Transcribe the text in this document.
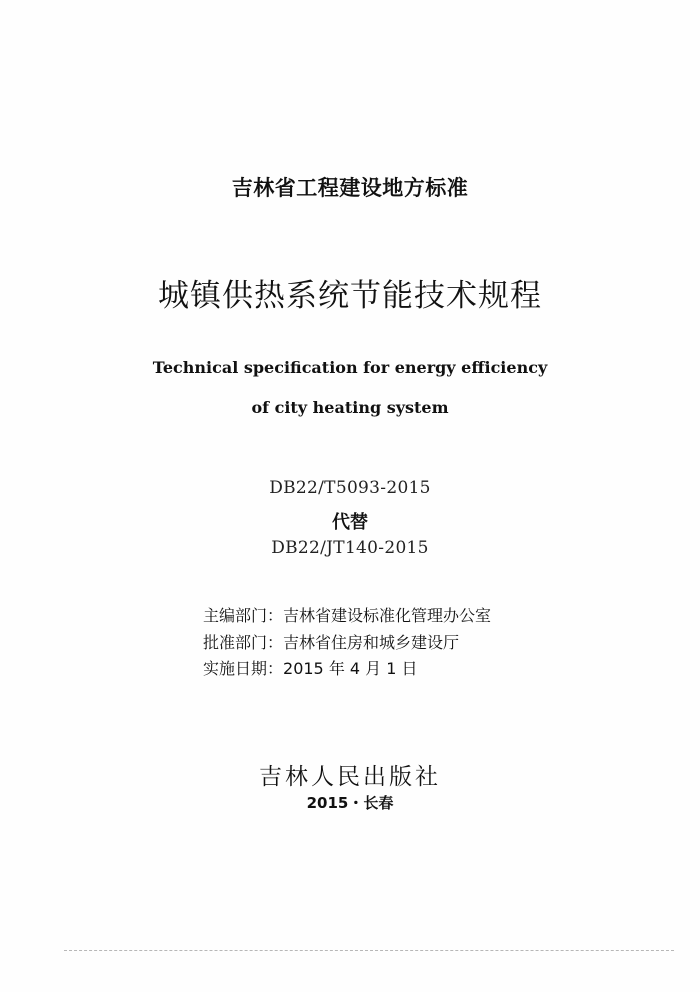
吉林省工程建设地方标准
城镇供热系统节能技术规程
Technical specification for energy efficiency
of city heating system
DB22/T5093-2015
代替
DB22/JT140-2015
主编部门：吉林省建设标准化管理办公室
批准部门：吉林省住房和城乡建设厅
实施日期：2015 年 4 月 1 日
吉林人民出版社
2015・长春
